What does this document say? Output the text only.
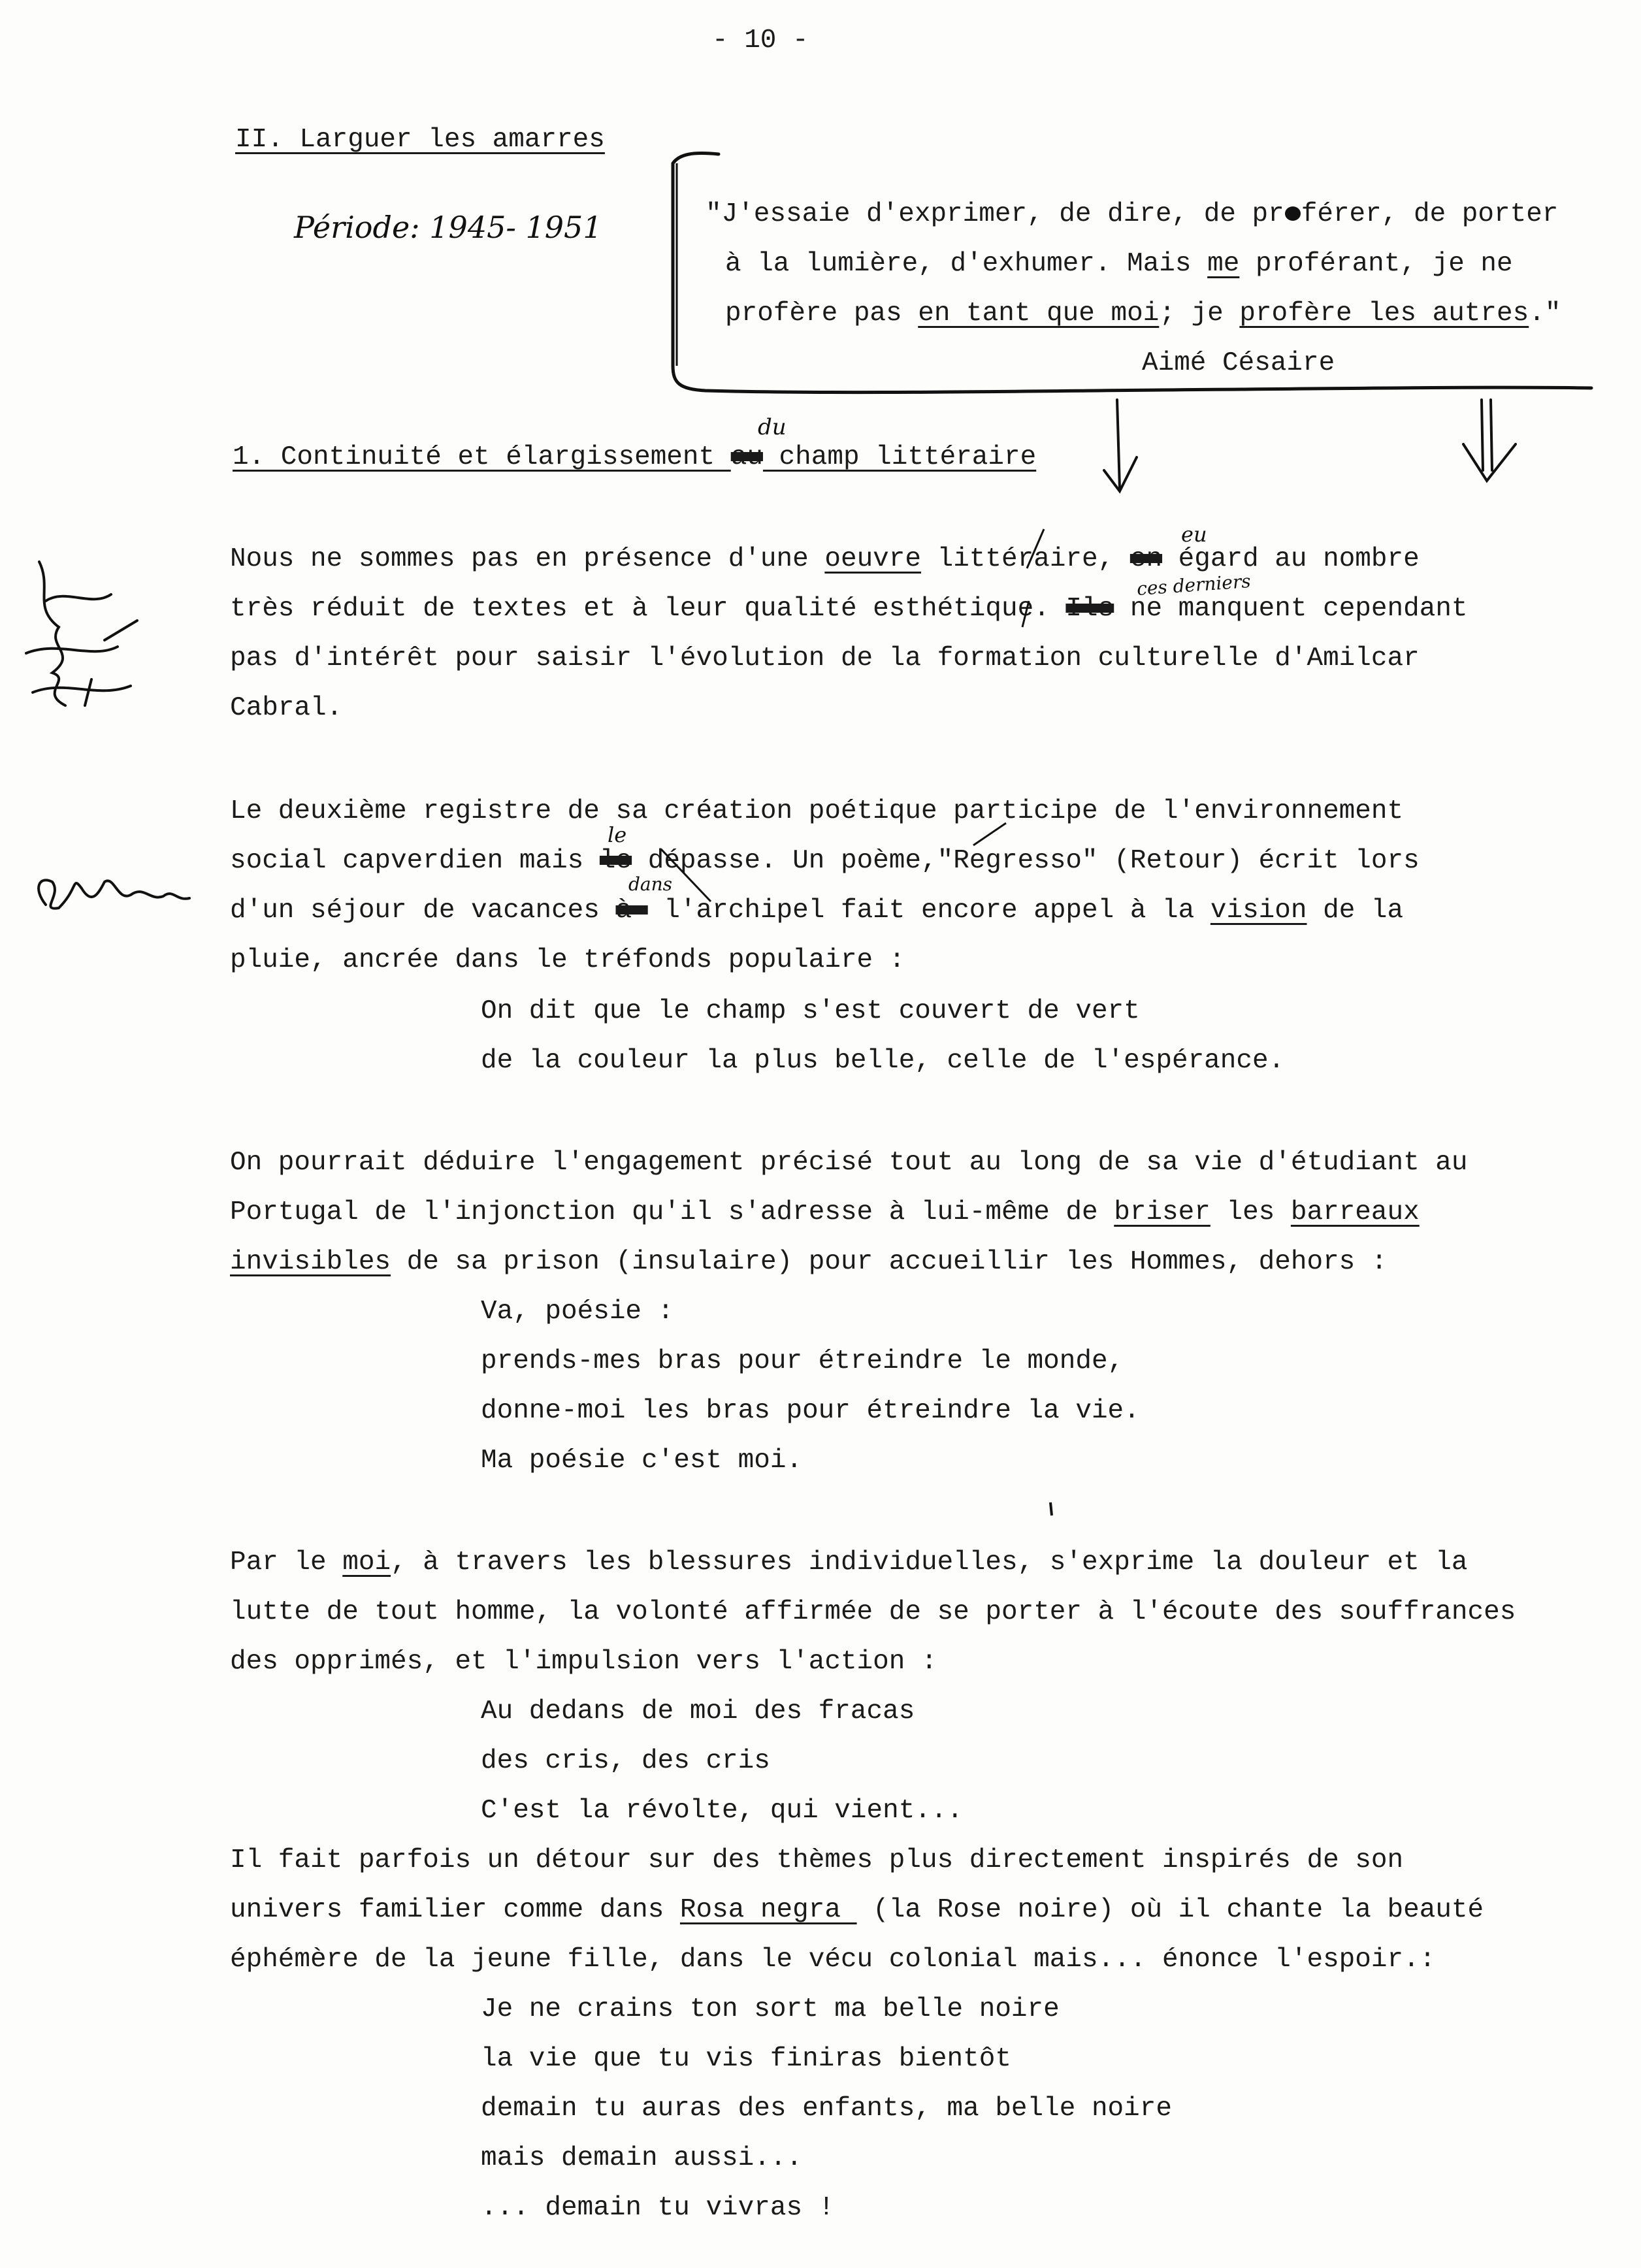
- 10 -
II. Larguer les amarres
Période: 1945- 1951	"J'essaie d'exprimer, de dire, de pr férer, de porter
à la lumière, d'exhumer. Mais me proférant, je ne
profère pas en tant que moi; je profère les autres."
Aimé Césaire
1. Continuité et élargissement au champ littéraire
du
Nous ne sommes pas en présence d'une oeuvre littéraire, en égard au nombre
très réduit de textes et à leur qualité esthétique. Ils ne manquent cependant
pas d'intérêt pour saisir l'évolution de la formation culturelle d'Amilcar
Cabral.
eu
ces derniers
Le deuxième registre de sa création poétique participe de l'environnement
social capverdien mais le dépasse. Un poème,"Regresso" (Retour) écrit lors
d'un séjour de vacances à  l'archipel fait encore appel à la vision de la
pluie, ancrée dans le tréfonds populaire :
le
dans
On dit que le champ s'est couvert de vert
de la couleur la plus belle, celle de l'espérance.
On pourrait déduire l'engagement précisé tout au long de sa vie d'étudiant au
Portugal de l'injonction qu'il s'adresse à lui-même de briser les barreaux
invisibles de sa prison (insulaire) pour accueillir les Hommes, dehors :
Va, poésie :
prends-mes bras pour étreindre le monde,
donne-moi les bras pour étreindre la vie.
Ma poésie c'est moi.
Par le moi, à travers les blessures individuelles, s'exprime la douleur et la
lutte de tout homme, la volonté affirmée de se porter à l'écoute des souffrances
des opprimés, et l'impulsion vers l'action :
Au dedans de moi des fracas
des cris, des cris
C'est la révolte, qui vient...
Il fait parfois un détour sur des thèmes plus directement inspirés de son
univers familier comme dans Rosa negra  (la Rose noire) où il chante la beauté
éphémère de la jeune fille, dans le vécu colonial mais... énonce l'espoir.:
Je ne crains ton sort ma belle noire
la vie que tu vis finiras bientôt
demain tu auras des enfants, ma belle noire
mais demain aussi...
... demain tu vivras !
